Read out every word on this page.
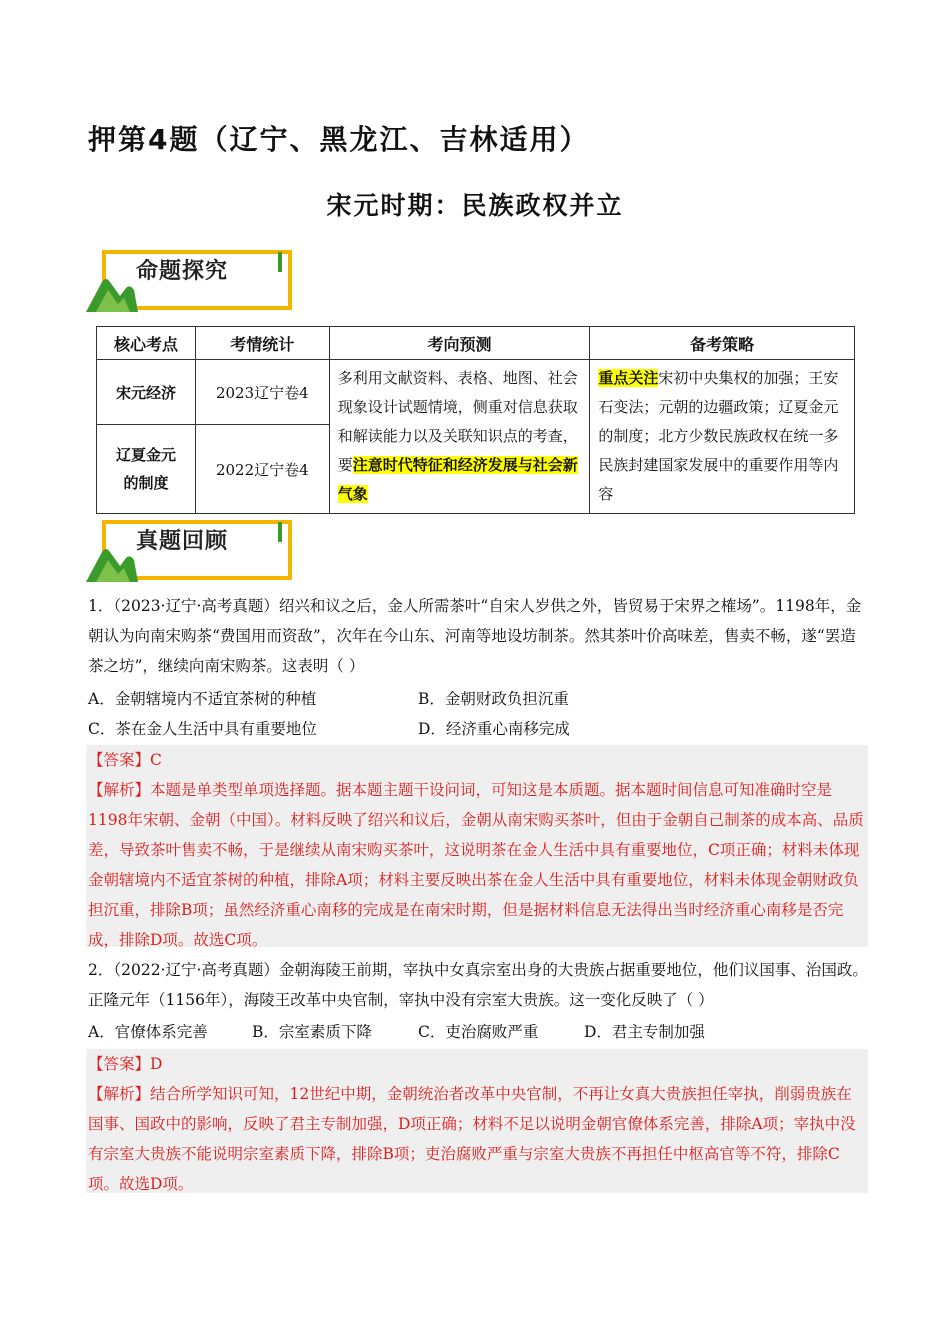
押第4题（辽宁、黑龙江、吉林适用）
宋元时期：民族政权并立
命题探究
核心考点	考情统计	考向预测	备考策略
宋元经济	2023辽宁卷4	多利用文献资料、表格、地图、社会现象设计试题情境，侧重对信息获取和解读能力以及关联知识点的考查，要注意时代特征和经济发展与社会新气象	重点关注宋初中央集权的加强；王安石变法；元朝的边疆政策；辽夏金元的制度；北方少数民族政权在统一多民族封建国家发展中的重要作用等内容
辽夏金元的制度	2022辽宁卷4		
真题回顾
1．（2023·辽宁·高考真题）绍兴和议之后，金人所需茶叶“自宋人岁供之外，皆贸易于宋界之榷场”。1198年，金朝认为向南宋购茶“费国用而资敌”，次年在今山东、河南等地设坊制茶。然其茶叶价高味差，售卖不畅，遂“罢造茶之坊”，继续向南宋购茶。这表明（ ）
A．金朝辖境内不适宜茶树的种植	B．金朝财政负担沉重
C．茶在金人生活中具有重要地位	D．经济重心南移完成
【答案】C
【解析】本题是单类型单项选择题。据本题主题干设问词，可知这是本质题。据本题时间信息可知准确时空是1198年宋朝、金朝（中国）。材料反映了绍兴和议后，金朝从南宋购买茶叶，但由于金朝自己制茶的成本高、品质差，导致茶叶售卖不畅，于是继续从南宋购买茶叶，这说明茶在金人生活中具有重要地位，C项正确；材料未体现金朝辖境内不适宜茶树的种植，排除A项；材料主要反映出茶在金人生活中具有重要地位，材料未体现金朝财政负担沉重，排除B项；虽然经济重心南移的完成是在南宋时期，但是据材料信息无法得出当时经济重心南移是否完成，排除D项。故选C项。
2．（2022·辽宁·高考真题）金朝海陵王前期，宰执中女真宗室出身的大贵族占据重要地位，他们议国事、治国政。正隆元年（1156年），海陵王改革中央官制，宰执中没有宗室大贵族。这一变化反映了（ ）
A．官僚体系完善	B．宗室素质下降	C．吏治腐败严重	D．君主专制加强
【答案】D
【解析】结合所学知识可知，12世纪中期，金朝统治者改革中央官制，不再让女真大贵族担任宰执，削弱贵族在国事、国政中的影响，反映了君主专制加强，D项正确；材料不足以说明金朝官僚体系完善，排除A项；宰执中没有宗室大贵族不能说明宗室素质下降，排除B项；吏治腐败严重与宗室大贵族不再担任中枢高官等不符，排除C项。故选D项。
